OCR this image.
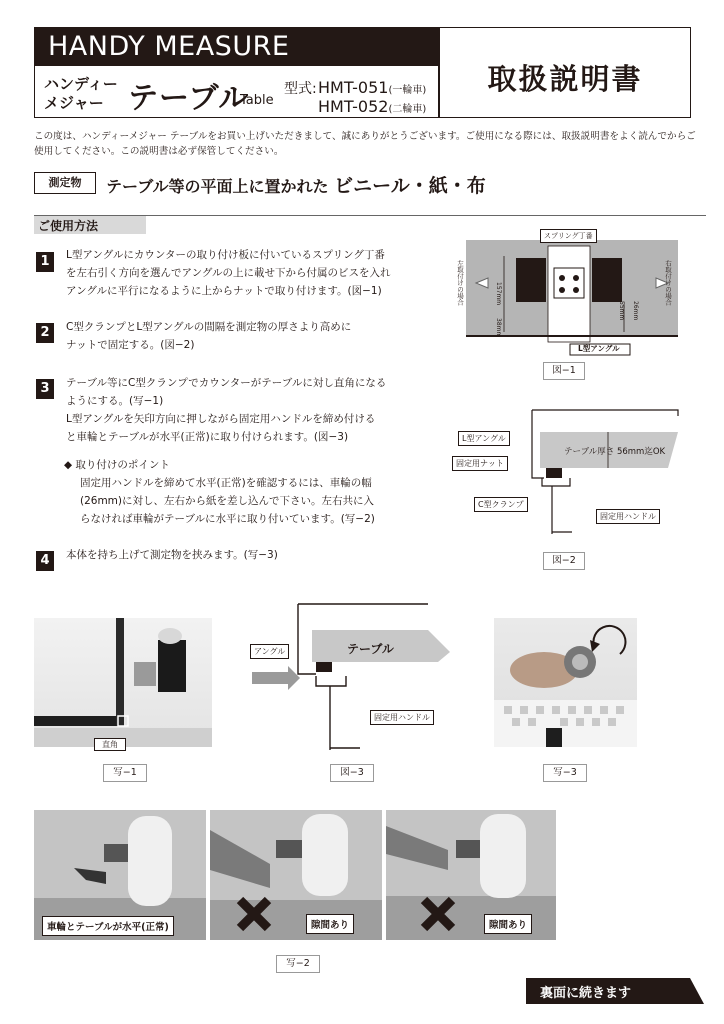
HANDY MEASURE
取扱説明書
ハンディー
メジャー テーブル
Table
型式: HMT-051(一輪車)
HMT-052(二輪車)
この度は、ハンディーメジャー テーブルをお買い上げいただきまして、誠にありがとうございます。ご使用になる際には、取扱説明書をよく読んでからご使用してください。この説明書は必ず保管してください。
測定物	テーブル等の平面上に置かれた ビニール・紙・布
ご使用方法
1	L型アングルにカウンターの取り付け板に付いているスプリング丁番
を左右引く方向を選んでアングルの上に載せ下から付属のビスを入れ
アングルに平行になるように上からナットで取り付けます。(図−1)
2	C型クランプとL型アングルの間隔を測定物の厚さより高めに
ナットで固定する。(図−2)
3	テーブル等にC型クランプでカウンターがテーブルに対し直角になる
ようにする。(写−1)
L型アングルを矢印方向に押しながら固定用ハンドルを締め付ける
と車輪とテーブルが水平(正常)に取り付けられます。(図−3)
◆ 取り付けのポイント
固定用ハンドルを締めて水平(正常)を確認するには、車輪の幅
(26mm)に対し、左右から紙を差し込んで下さい。左右共に入
らなければ車輪がテーブルに水平に取り付いています。(写−2)
4	本体を持ち上げて測定物を挟みます。(写−3)
スプリング丁番
左取付けの場合	右取付けの場合
157mm
38mm
55mm 26mm
L型アングル
図−1
L型アングル
固定用ナット
C型クランプ
固定用ハンドル
テーブル厚さ 56mm迄OK
図−2
直角
写−1
アングル	テーブル
固定用ハンドル
図−3	写−3
車輪とテーブルが水平(正常)	隙間あり	隙間あり
写−2
裏面に続きます
